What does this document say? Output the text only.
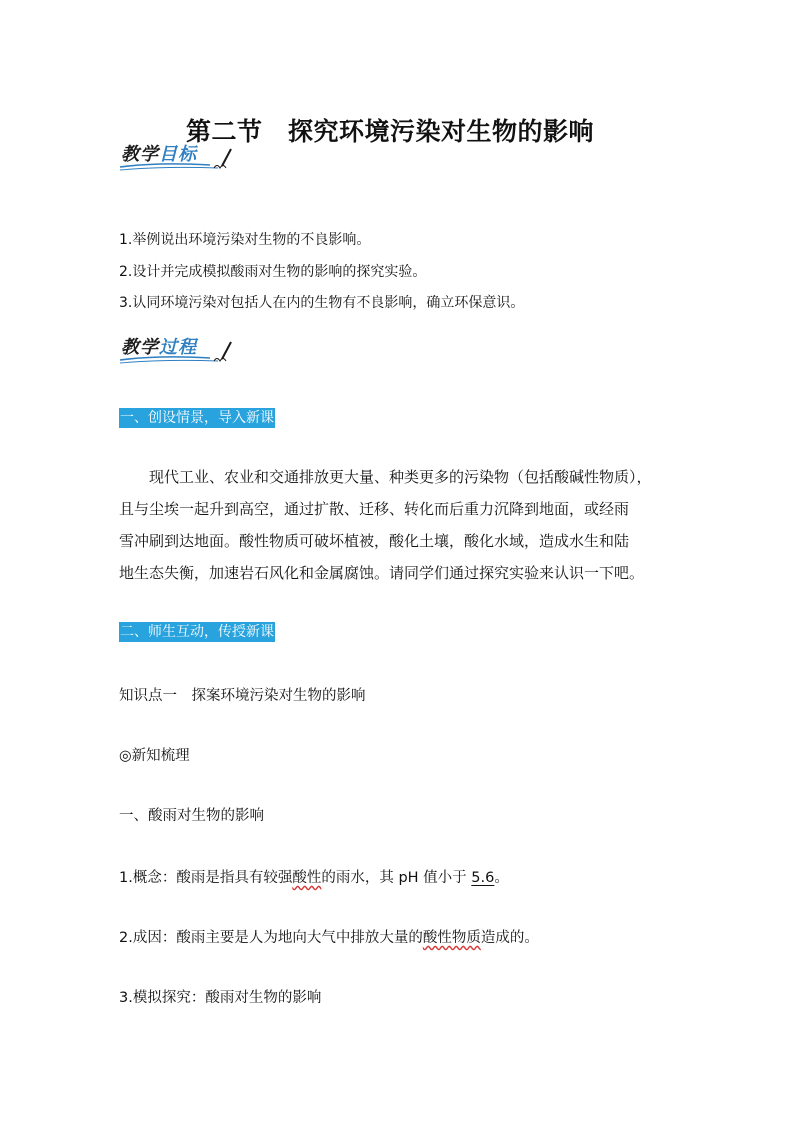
第二节　探究环境污染对生物的影响
教学目标
1.举例说出环境污染对生物的不良影响。
2.设计并完成模拟酸雨对生物的影响的探究实验。
3.认同环境污染对包括人在内的生物有不良影响，确立环保意识。
教学过程
一、创设情景，导入新课
现代工业、农业和交通排放更大量、种类更多的污染物（包括酸碱性物质），
且与尘埃一起升到高空，通过扩散、迁移、转化而后重力沉降到地面，或经雨
雪冲刷到达地面。酸性物质可破坏植被，酸化土壤，酸化水域，造成水生和陆
地生态失衡，加速岩石风化和金属腐蚀。请同学们通过探究实验来认识一下吧。
二、师生互动，传授新课
知识点一　探案环境污染对生物的影响
◎新知梳理
一、酸雨对生物的影响
1.概念：酸雨是指具有较强酸性的雨水，其 pH 值小于 5.6。
2.成因：酸雨主要是人为地向大气中排放大量的酸性物质造成的。
3.模拟探究：酸雨对生物的影响
